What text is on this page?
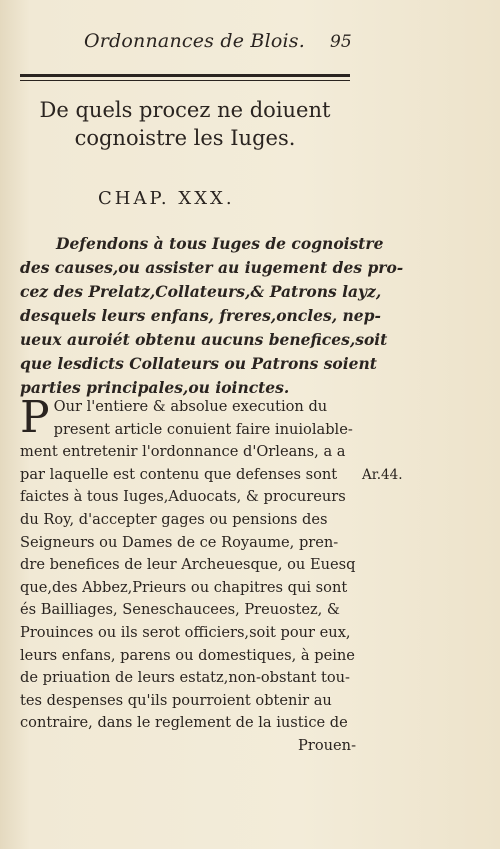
Ordonnances de Blois. 95
De quels procez ne doiuent
cognoistre les Iuges.
CHAP. XXX.
Defendons à tous Iuges de cognoistre
des causes,ou assister au iugement des pro-
cez des Prelatz,Collateurs,& Patrons layz,
desquels leurs enfans, freres,oncles, nep-
ueux auroiét obtenu aucuns benefices,soit
que lesdicts Collateurs ou Patrons soient
parties principales,ou ioinctes.
P Our l'entiere & absolue execution du
present article conuient faire inuiolable-
ment entretenir l'ordonnance d'Orleans, a a
par laquelle est contenu que defenses sont
faictes à tous Iuges,Aduocats, & procureurs
du Roy, d'accepter gages ou pensions des
Seigneurs ou Dames de ce Royaume, pren-
dre benefices de leur Archeuesque, ou Euesq
que,des Abbez,Prieurs ou chapitres qui sont
és Bailliages, Seneschaucees, Preuostez, &
Prouinces ou ils serot officiers,soit pour eux,
leurs enfans, parens ou domestiques, à peine
de priuation de leurs estatz,non-obstant tou-
tes despenses qu'ils pourroient obtenir au
contraire, dans le reglement de la iustice de
Prouen-
Ar.44.
